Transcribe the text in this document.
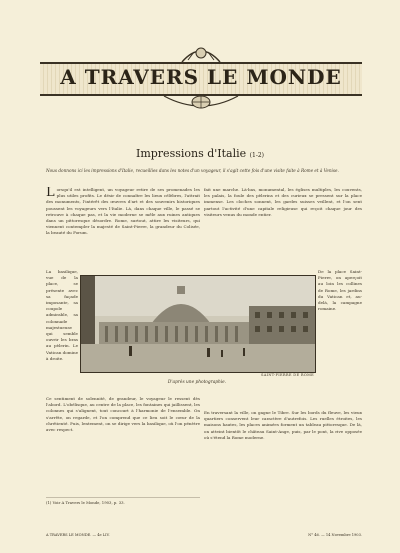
A TRAVERS LE MONDE
Impressions d'Italie (1-2)
Nous donnons ici les impressions d'Italie, recueillies dans les notes d'un voyageur, il s'agit cette fois d'une visite faite à Rome et à Venise.
Lorsqu'il est intelligent, un voyageur retire de ses promenades les plus utiles profits. Le désir de connaître les lieux célèbres, l'attrait des monuments, l'intérêt des œuvres d'art et des souvenirs historiques poussent les voyageurs vers l'Italie. Là, dans chaque ville, le passé se retrouve à chaque pas, et la vie moderne se mêle aux ruines antiques dans un pittoresque désordre. Rome, surtout, attire les visiteurs, qui viennent contempler la majesté de Saint-Pierre, la grandeur du Colisée, la beauté du Forum.
La basilique, vue de la place, se présente avec sa façade imposante, sa coupole admirable, sa colonnade majestueuse qui semble ouvrir les bras au pèlerin. Le Vatican domine à droite.
Ce sentiment de solennité, de grandeur, le voyageur le ressent dès l'abord. L'obélisque, au centre de la place, les fontaines qui jaillissent, les colonnes qui s'alignent, tout concourt à l'harmonie de l'ensemble. On s'arrête, on regarde, et l'on comprend que ce lieu soit le cœur de la chrétienté. Puis, lentement, on se dirige vers la basilique, où l'on pénètre avec respect.
fait une marche. Là-bas, monumental, les églises multiples, les couvents, les palais, la foule des pèlerins et des curieux se pressent sur la place immense. Les cloches sonnent, les gardes suisses veillent, et l'on sent partout l'activité d'une capitale religieuse qui reçoit chaque jour des visiteurs venus du monde entier.
De la place Saint-Pierre, on aperçoit au loin les collines de Rome, les jardins du Vatican et, au-delà, la campagne romaine.
En traversant la ville, on gagne le Tibre. Sur les bords du fleuve, les vieux quartiers conservent leur caractère d'autrefois. Les ruelles étroites, les maisons hautes, les places animées forment un tableau pittoresque. De là, on atteint bientôt le château Saint-Ange, puis, par le pont, la rive opposée où s'étend la Rome moderne.
SAINT-PIERRE DE ROME
D'après une photographie.
(1) Voir A Travers le Monde, 1903, p. 33.
A TRAVERS LE MONDE. — 4e LIV.	N° 46. — 14 Novembre 1903.
